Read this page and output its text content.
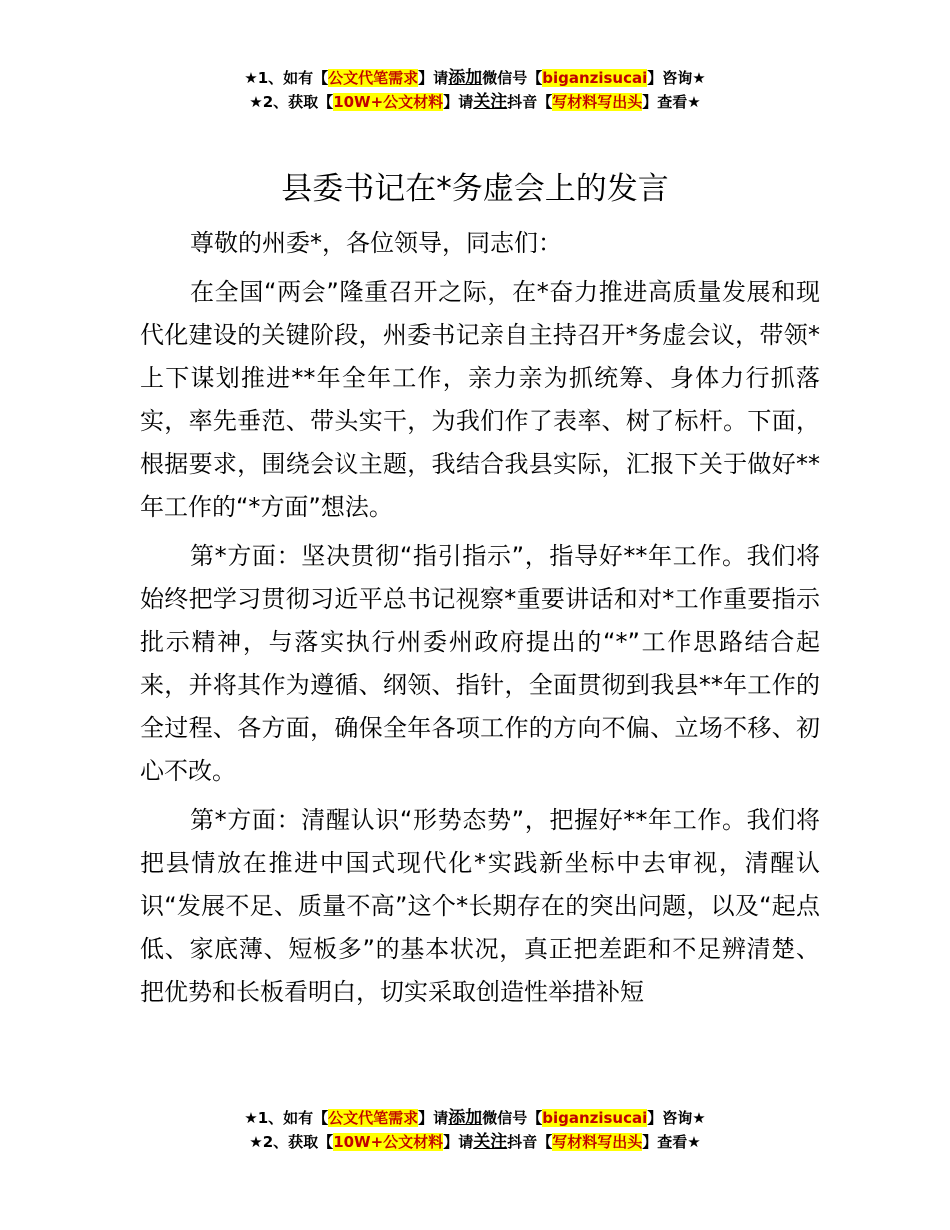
★1、如有【公文代笔需求】请添加微信号【biganzisucai】咨询★
★2、获取【10W+公文材料】请关注抖音【写材料写出头】查看★
县委书记在*务虚会上的发言

尊敬的州委*，各位领导，同志们：

在全国“两会”隆重召开之际，在*奋力推进高质量发展和现代化建设的关键阶段，州委书记亲自主持召开*务虚会议，带领*上下谋划推进**年全年工作，亲力亲为抓统筹、身体力行抓落实，率先垂范、带头实干，为我们作了表率、树了标杆。下面，根据要求，围绕会议主题，我结合我县实际，汇报下关于做好**年工作的“*方面”想法。

第*方面：坚决贯彻“指引指示”，指导好**年工作。我们将始终把学习贯彻习近平总书记视察*重要讲话和对*工作重要指示批示精神，与落实执行州委州政府提出的“*”工作思路结合起来，并将其作为遵循、纲领、指针，全面贯彻到我县**年工作的全过程、各方面，确保全年各项工作的方向不偏、立场不移、初心不改。

第*方面：清醒认识“形势态势”，把握好**年工作。我们将把县情放在推进中国式现代化*实践新坐标中去审视，清醒认识“发展不足、质量不高”这个*长期存在的突出问题，以及“起点低、家底薄、短板多”的基本状况，真正把差距和不足辨清楚、把优势和长板看明白，切实采取创造性举措补短

★1、如有【公文代笔需求】请添加微信号【biganzisucai】咨询★
★2、获取【10W+公文材料】请关注抖音【写材料写出头】查看★
